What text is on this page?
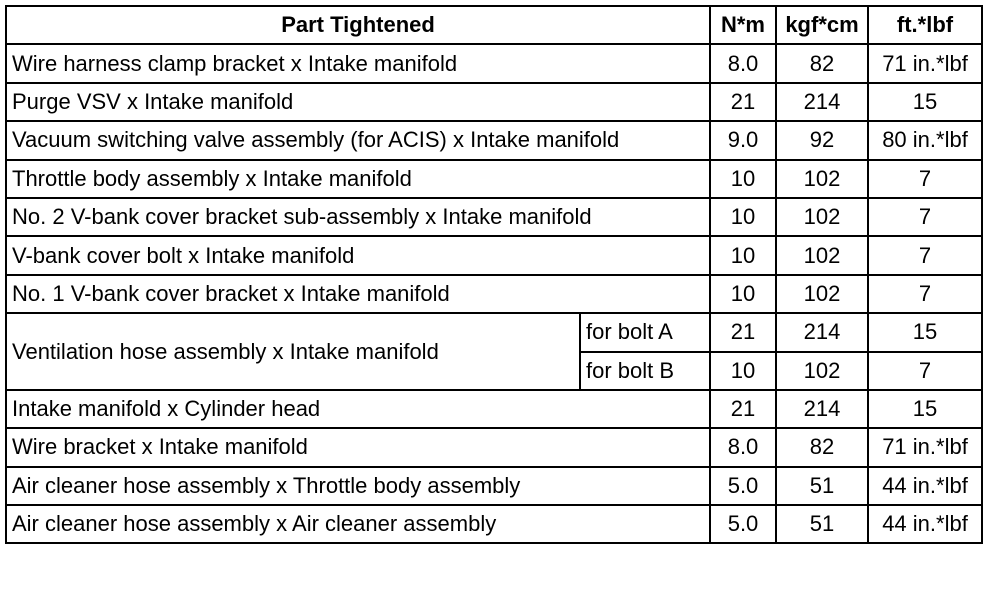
Part Tightened		N*m	kgf*cm	ft.*lbf
Wire harness clamp bracket x Intake manifold		8.0	82	71 in.*lbf
Purge VSV x Intake manifold		21	214	15
Vacuum switching valve assembly (for ACIS) x Intake manifold		9.0	92	80 in.*lbf
Throttle body assembly x Intake manifold		10	102	7
No. 2 V-bank cover bracket sub-assembly x Intake manifold		10	102	7
V-bank cover bolt x Intake manifold		10	102	7
No. 1 V-bank cover bracket x Intake manifold		10	102	7
Ventilation hose assembly x Intake manifold	for bolt A	21	214	15
	for bolt B	10	102	7
Intake manifold x Cylinder head		21	214	15
Wire bracket x Intake manifold		8.0	82	71 in.*lbf
Air cleaner hose assembly x Throttle body assembly		5.0	51	44 in.*lbf
Air cleaner hose assembly x Air cleaner assembly		5.0	51	44 in.*lbf
